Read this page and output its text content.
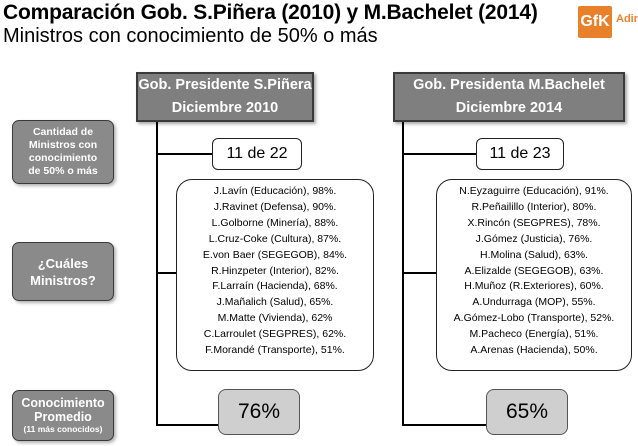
Comparación Gob. S.Piñera (2010) y M.Bachelet (2014)
Ministros con conocimiento de 50% o más
GfK Adir
Gob. Presidente S.Piñera
Diciembre 2010
Gob. Presidenta M.Bachelet
Diciembre 2014
Cantidad de
Ministros con
conocimiento
de 50% o más
¿Cuáles
Ministros?
Conocimiento
Promedio
(11 más conocidos)
11 de 22	11 de 23
J.Lavín (Educación), 98%.
J.Ravinet (Defensa), 90%.
L.Golborne (Minería), 88%.
L.Cruz-Coke (Cultura), 87%.
E.von Baer (SEGEGOB), 84%.
R.Hinzpeter (Interior), 82%.
F.Larraín (Hacienda), 68%.
J.Mañalich (Salud), 65%.
M.Matte (Vivienda), 62%
C.Larroulet (SEGPRES), 62%.
F.Morandé (Transporte), 51%.
N.Eyzaguirre (Educación), 91%.
R.Peñailillo (Interior), 80%.
X.Rincón (SEGPRES), 78%.
J.Gómez (Justicia), 76%.
H.Molina (Salud), 63%.
A.Elizalde (SEGEGOB), 63%.
H.Muñoz (R.Exteriores), 60%.
A.Undurraga (MOP), 55%.
A.Gómez-Lobo (Transporte), 52%.
M.Pacheco (Energía), 51%.
A.Arenas (Hacienda), 50%.
76%	65%
